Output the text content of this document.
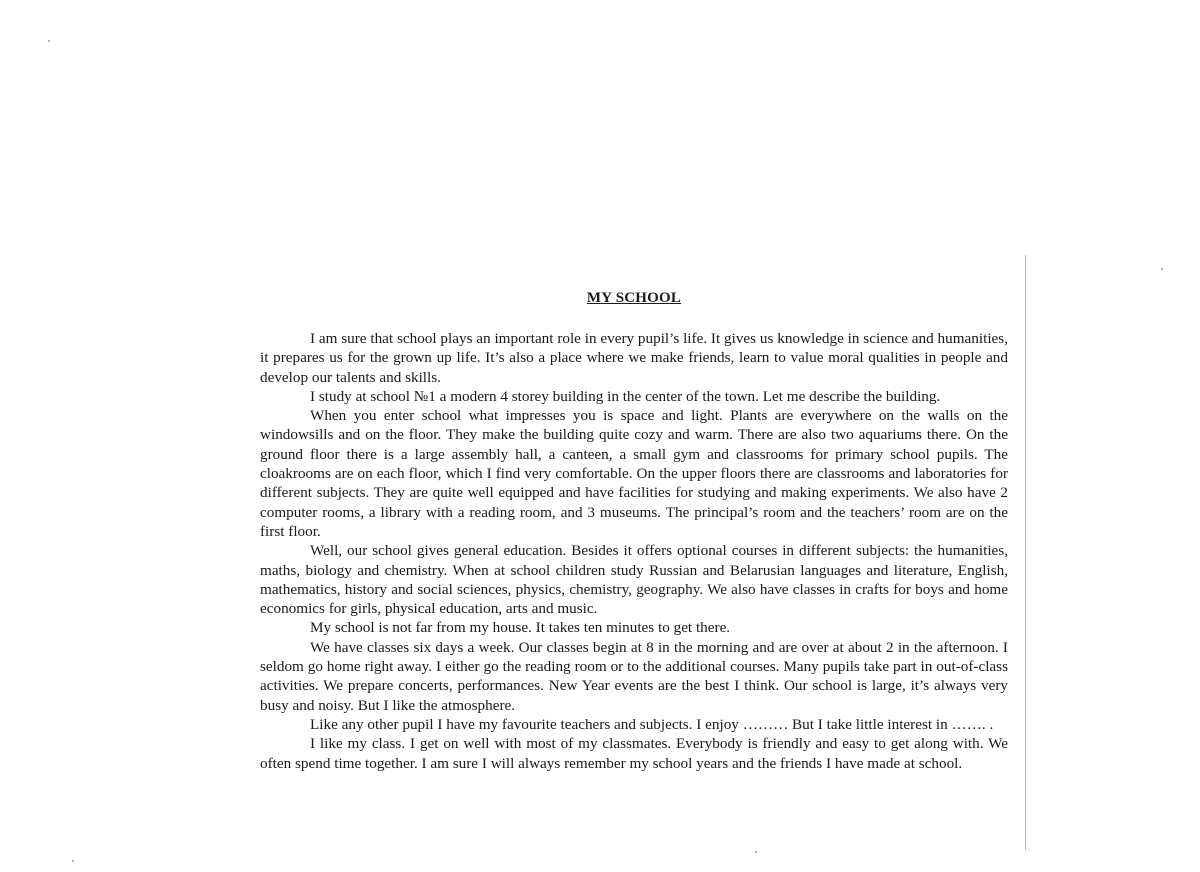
MY SCHOOL

I am sure that school plays an important role in every pupil’s life. It gives us knowledge in science and humanities, it prepares us for the grown up life. It’s also a place where we make friends, learn to value moral qualities in people and develop our talents and skills.

I study at school №1 a modern 4 storey building in the center of the town. Let me describe the building.

When you enter school what impresses you is space and light. Plants are everywhere on the walls on the windowsills and on the floor. They make the building quite cozy and warm. There are also two aquariums there. On the ground floor there is a large assembly hall, a canteen, a small gym and classrooms for primary school pupils. The cloakrooms are on each floor, which I find very comfortable. On the upper floors there are classrooms and laboratories for different subjects. They are quite well equipped and have facilities for studying and making experiments. We also have 2 computer rooms, a library with a reading room, and 3 museums. The principal’s room and the teachers’ room are on the first floor.

Well, our school gives general education. Besides it offers optional courses in different subjects: the humanities, maths, biology and chemistry. When at school children study Russian and Belarusian languages and literature, English, mathematics, history and social sciences, physics, chemistry, geography. We also have classes in crafts for boys and home economics for girls, physical education, arts and music.

My school is not far from my house. It takes ten minutes to get there.

We have classes six days a week. Our classes begin at 8 in the morning and are over at about 2 in the afternoon. I seldom go home right away. I either go the reading room or to the additional courses. Many pupils take part in out-of-class activities. We prepare concerts, performances. New Year events are the best I think. Our school is large, it’s always very busy and noisy. But I like the atmosphere.

Like any other pupil I have my favourite teachers and subjects. I enjoy ……… But I take little interest in ……. .

I like my class. I get on well with most of my classmates. Everybody is friendly and easy to get along with. We often spend time together. I am sure I will always remember my school years and the friends I have made at school.
